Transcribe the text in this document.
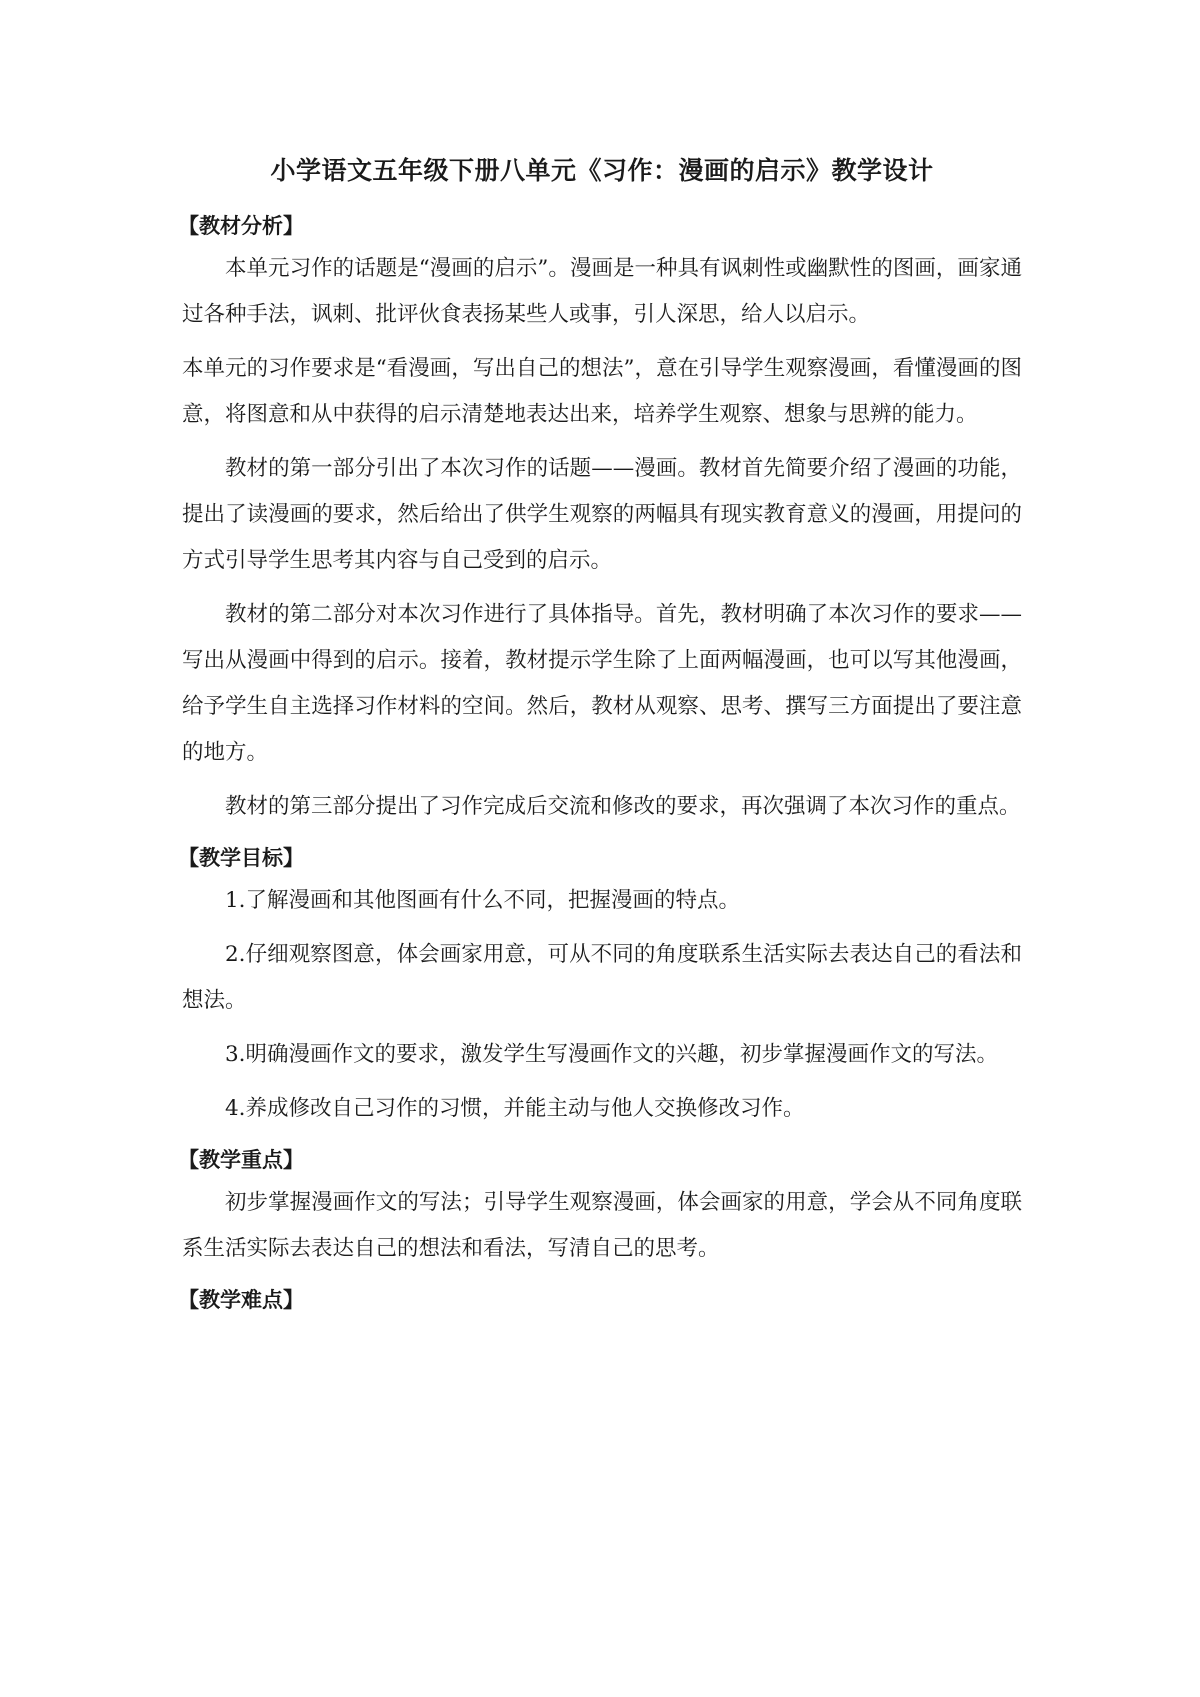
小学语文五年级下册八单元《习作：漫画的启示》教学设计
【教材分析】

本单元习作的话题是“漫画的启示”。漫画是一种具有讽刺性或幽默性的图画，画家通过各种手法，讽刺、批评伙食表扬某些人或事，引人深思，给人以启示。

本单元的习作要求是“看漫画，写出自己的想法”，意在引导学生观察漫画，看懂漫画的图意，将图意和从中获得的启示清楚地表达出来，培养学生观察、想象与思辨的能力。

教材的第一部分引出了本次习作的话题——漫画。教材首先简要介绍了漫画的功能，提出了读漫画的要求，然后给出了供学生观察的两幅具有现实教育意义的漫画，用提问的方式引导学生思考其内容与自己受到的启示。

教材的第二部分对本次习作进行了具体指导。首先，教材明确了本次习作的要求——写出从漫画中得到的启示。接着，教材提示学生除了上面两幅漫画，也可以写其他漫画，给予学生自主选择习作材料的空间。然后，教材从观察、思考、撰写三方面提出了要注意的地方。

教材的第三部分提出了习作完成后交流和修改的要求，再次强调了本次习作的重点。

【教学目标】

1.了解漫画和其他图画有什么不同，把握漫画的特点。

2.仔细观察图意，体会画家用意，可从不同的角度联系生活实际去表达自己的看法和想法。

3.明确漫画作文的要求，激发学生写漫画作文的兴趣，初步掌握漫画作文的写法。

4.养成修改自己习作的习惯，并能主动与他人交换修改习作。

【教学重点】

初步掌握漫画作文的写法；引导学生观察漫画，体会画家的用意，学会从不同角度联系生活实际去表达自己的想法和看法，写清自己的思考。

【教学难点】
